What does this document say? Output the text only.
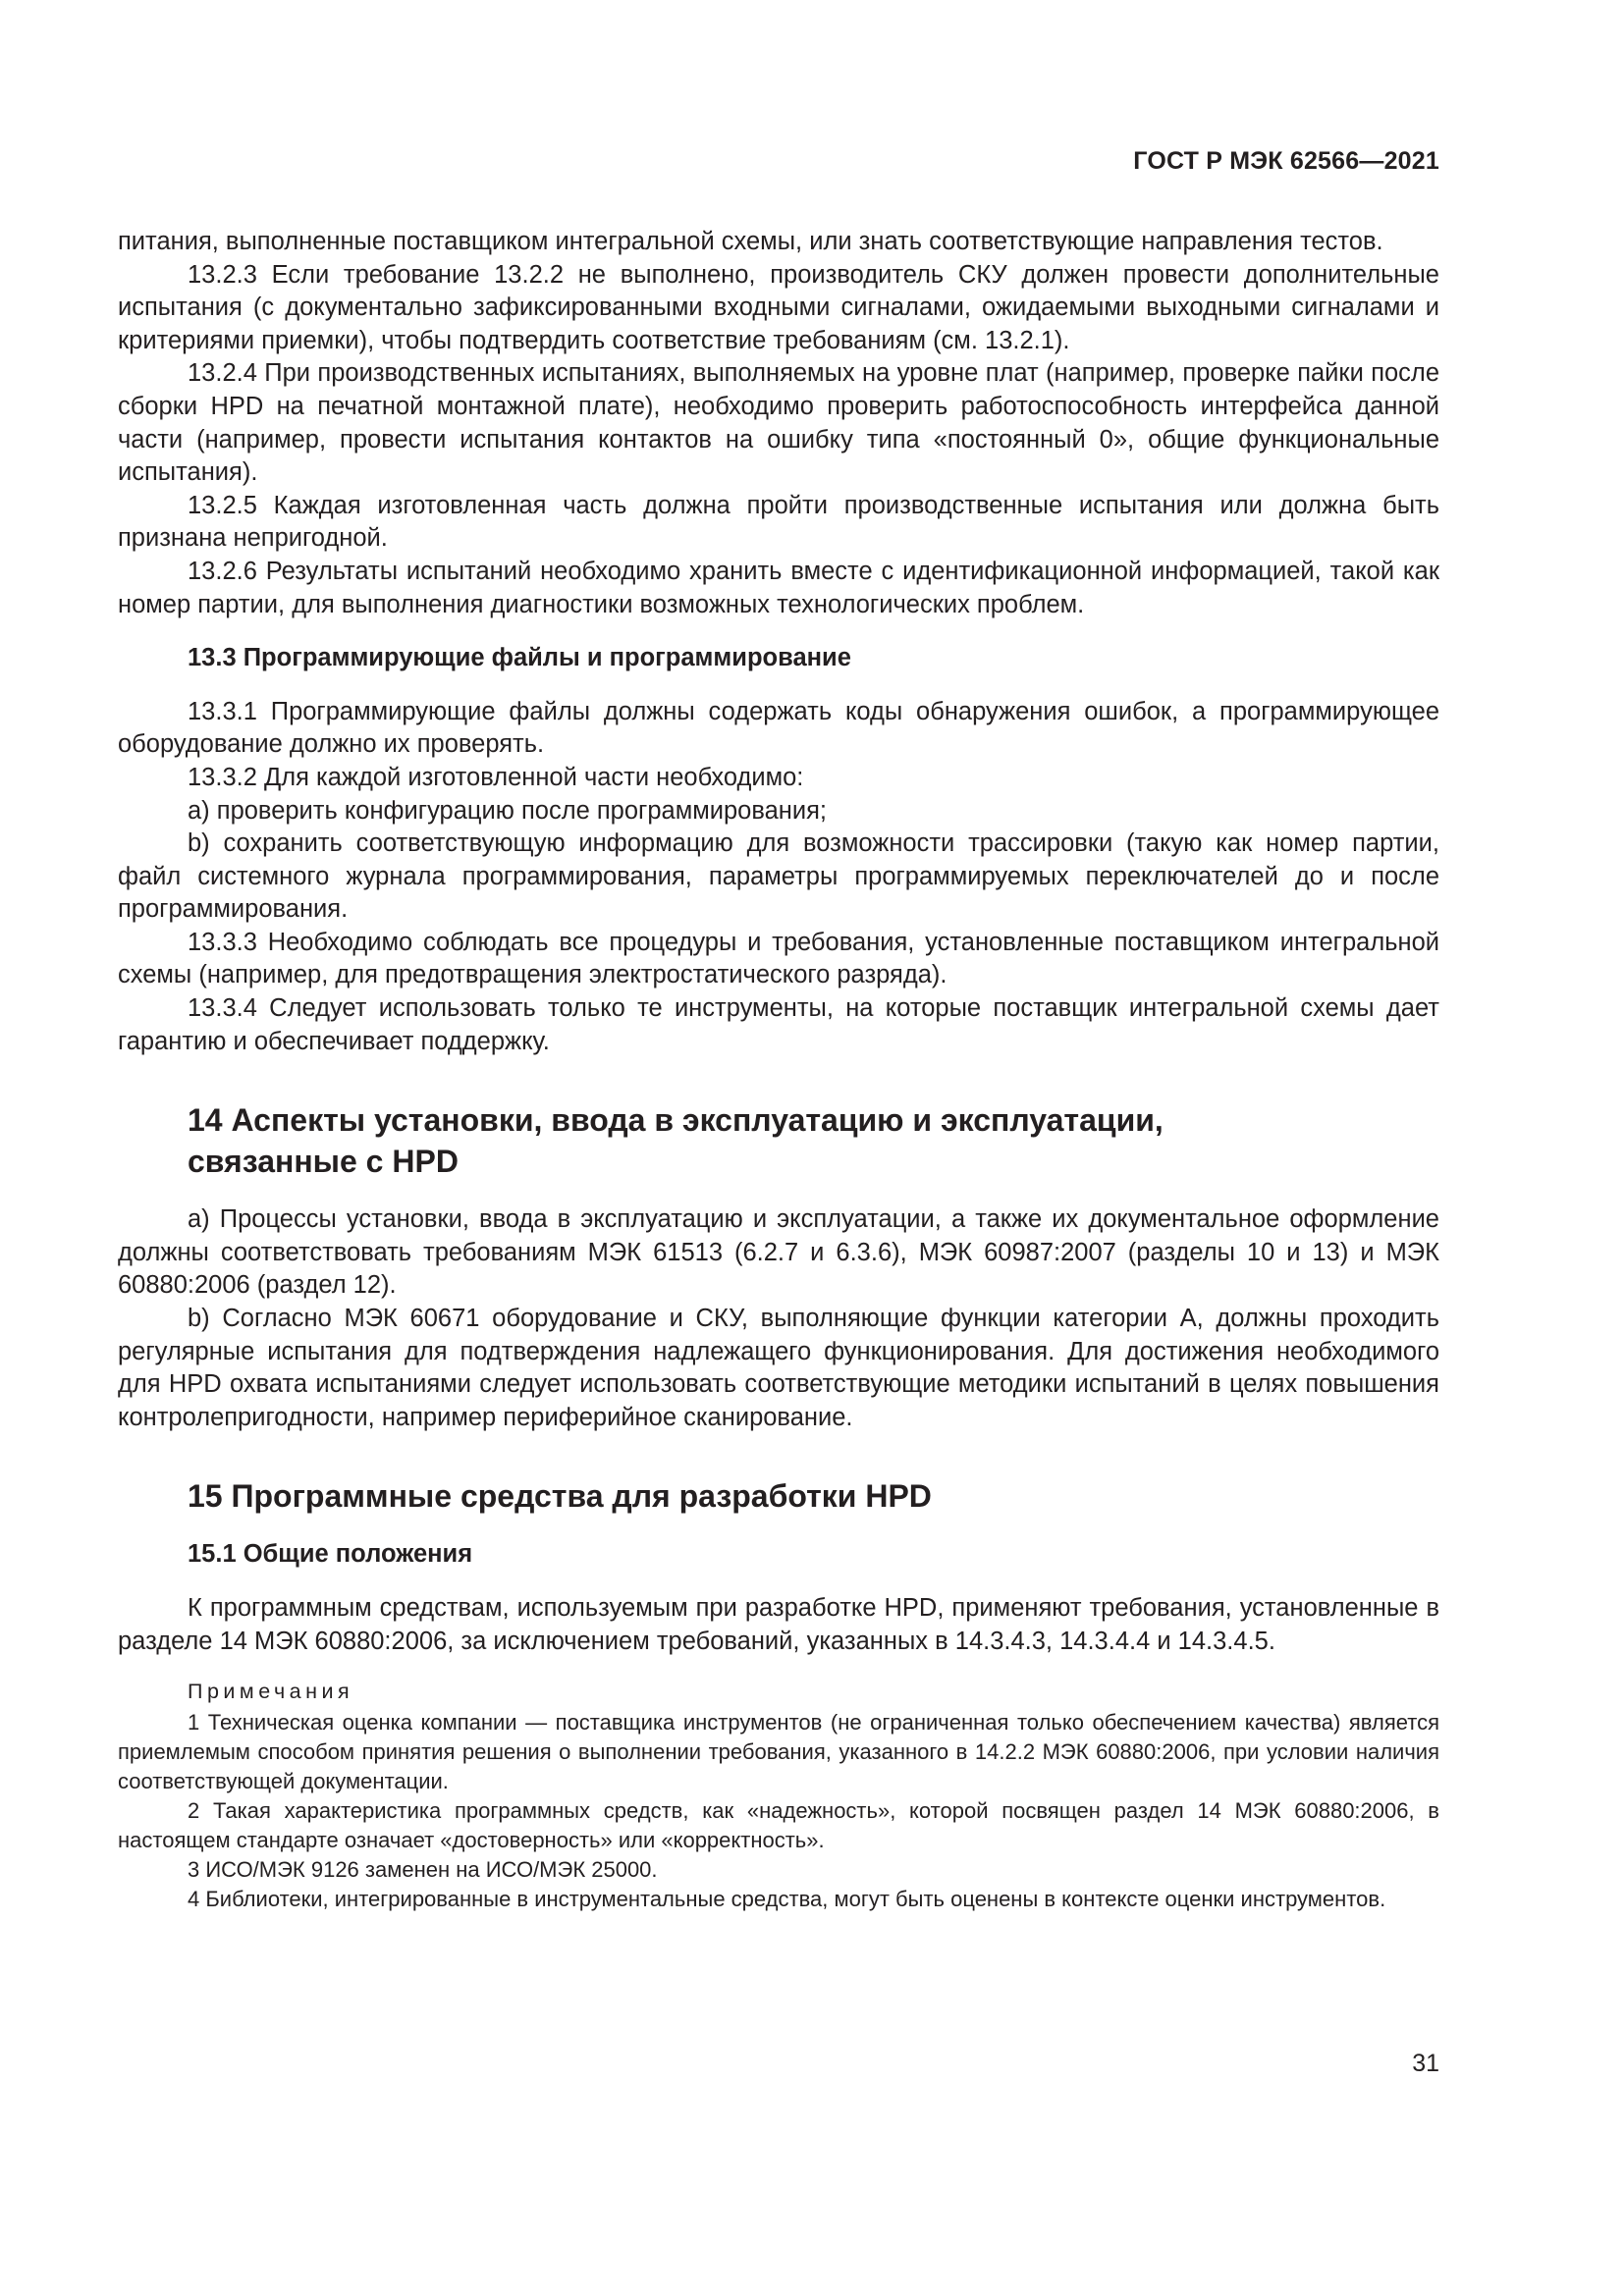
ГОСТ Р МЭК 62566—2021

питания, выполненные поставщиком интегральной схемы, или знать соответствующие направления тестов.

13.2.3 Если требование 13.2.2 не выполнено, производитель СКУ должен провести дополнительные испытания (с документально зафиксированными входными сигналами, ожидаемыми выходными сигналами и критериями приемки), чтобы подтвердить соответствие требованиям (см. 13.2.1).

13.2.4 При производственных испытаниях, выполняемых на уровне плат (например, проверке пайки после сборки HPD на печатной монтажной плате), необходимо проверить работоспособность интерфейса данной части (например, провести испытания контактов на ошибку типа «постоянный 0», общие функциональные испытания).

13.2.5 Каждая изготовленная часть должна пройти производственные испытания или должна быть признана непригодной.

13.2.6 Результаты испытаний необходимо хранить вместе с идентификационной информацией, такой как номер партии, для выполнения диагностики возможных технологических проблем.

13.3 Программирующие файлы и программирование

13.3.1 Программирующие файлы должны содержать коды обнаружения ошибок, а программирующее оборудование должно их проверять.

13.3.2 Для каждой изготовленной части необходимо:

a) проверить конфигурацию после программирования;

b) сохранить соответствующую информацию для возможности трассировки (такую как номер партии, файл системного журнала программирования, параметры программируемых переключателей до и после программирования.

13.3.3 Необходимо соблюдать все процедуры и требования, установленные поставщиком интегральной схемы (например, для предотвращения электростатического разряда).

13.3.4 Следует использовать только те инструменты, на которые поставщик интегральной схемы дает гарантию и обеспечивает поддержку.

14 Аспекты установки, ввода в эксплуатацию и эксплуатации,
связанные с HPD

a) Процессы установки, ввода в эксплуатацию и эксплуатации, а также их документальное оформление должны соответствовать требованиям МЭК 61513 (6.2.7 и 6.3.6), МЭК 60987:2007 (разделы 10 и 13) и МЭК 60880:2006 (раздел 12).

b) Согласно МЭК 60671 оборудование и СКУ, выполняющие функции категории А, должны проходить регулярные испытания для подтверждения надлежащего функционирования. Для достижения необходимого для HPD охвата испытаниями следует использовать соответствующие методики испытаний в целях повышения контролепригодности, например периферийное сканирование.

15 Программные средства для разработки HPD
15.1 Общие положения

К программным средствам, используемым при разработке HPD, применяют требования, установленные в разделе 14 МЭК 60880:2006, за исключением требований, указанных в 14.3.4.3, 14.3.4.4 и 14.3.4.5.

Примечания

1 Техническая оценка компании — поставщика инструментов (не ограниченная только обеспечением качества) является приемлемым способом принятия решения о выполнении требования, указанного в 14.2.2 МЭК 60880:2006, при условии наличия соответствующей документации.

2 Такая характеристика программных средств, как «надежность», которой посвящен раздел 14 МЭК 60880:2006, в настоящем стандарте означает «достоверность» или «корректность».

3 ИСО/МЭК 9126 заменен на ИСО/МЭК 25000.

4 Библиотеки, интегрированные в инструментальные средства, могут быть оценены в контексте оценки инструментов.

31
